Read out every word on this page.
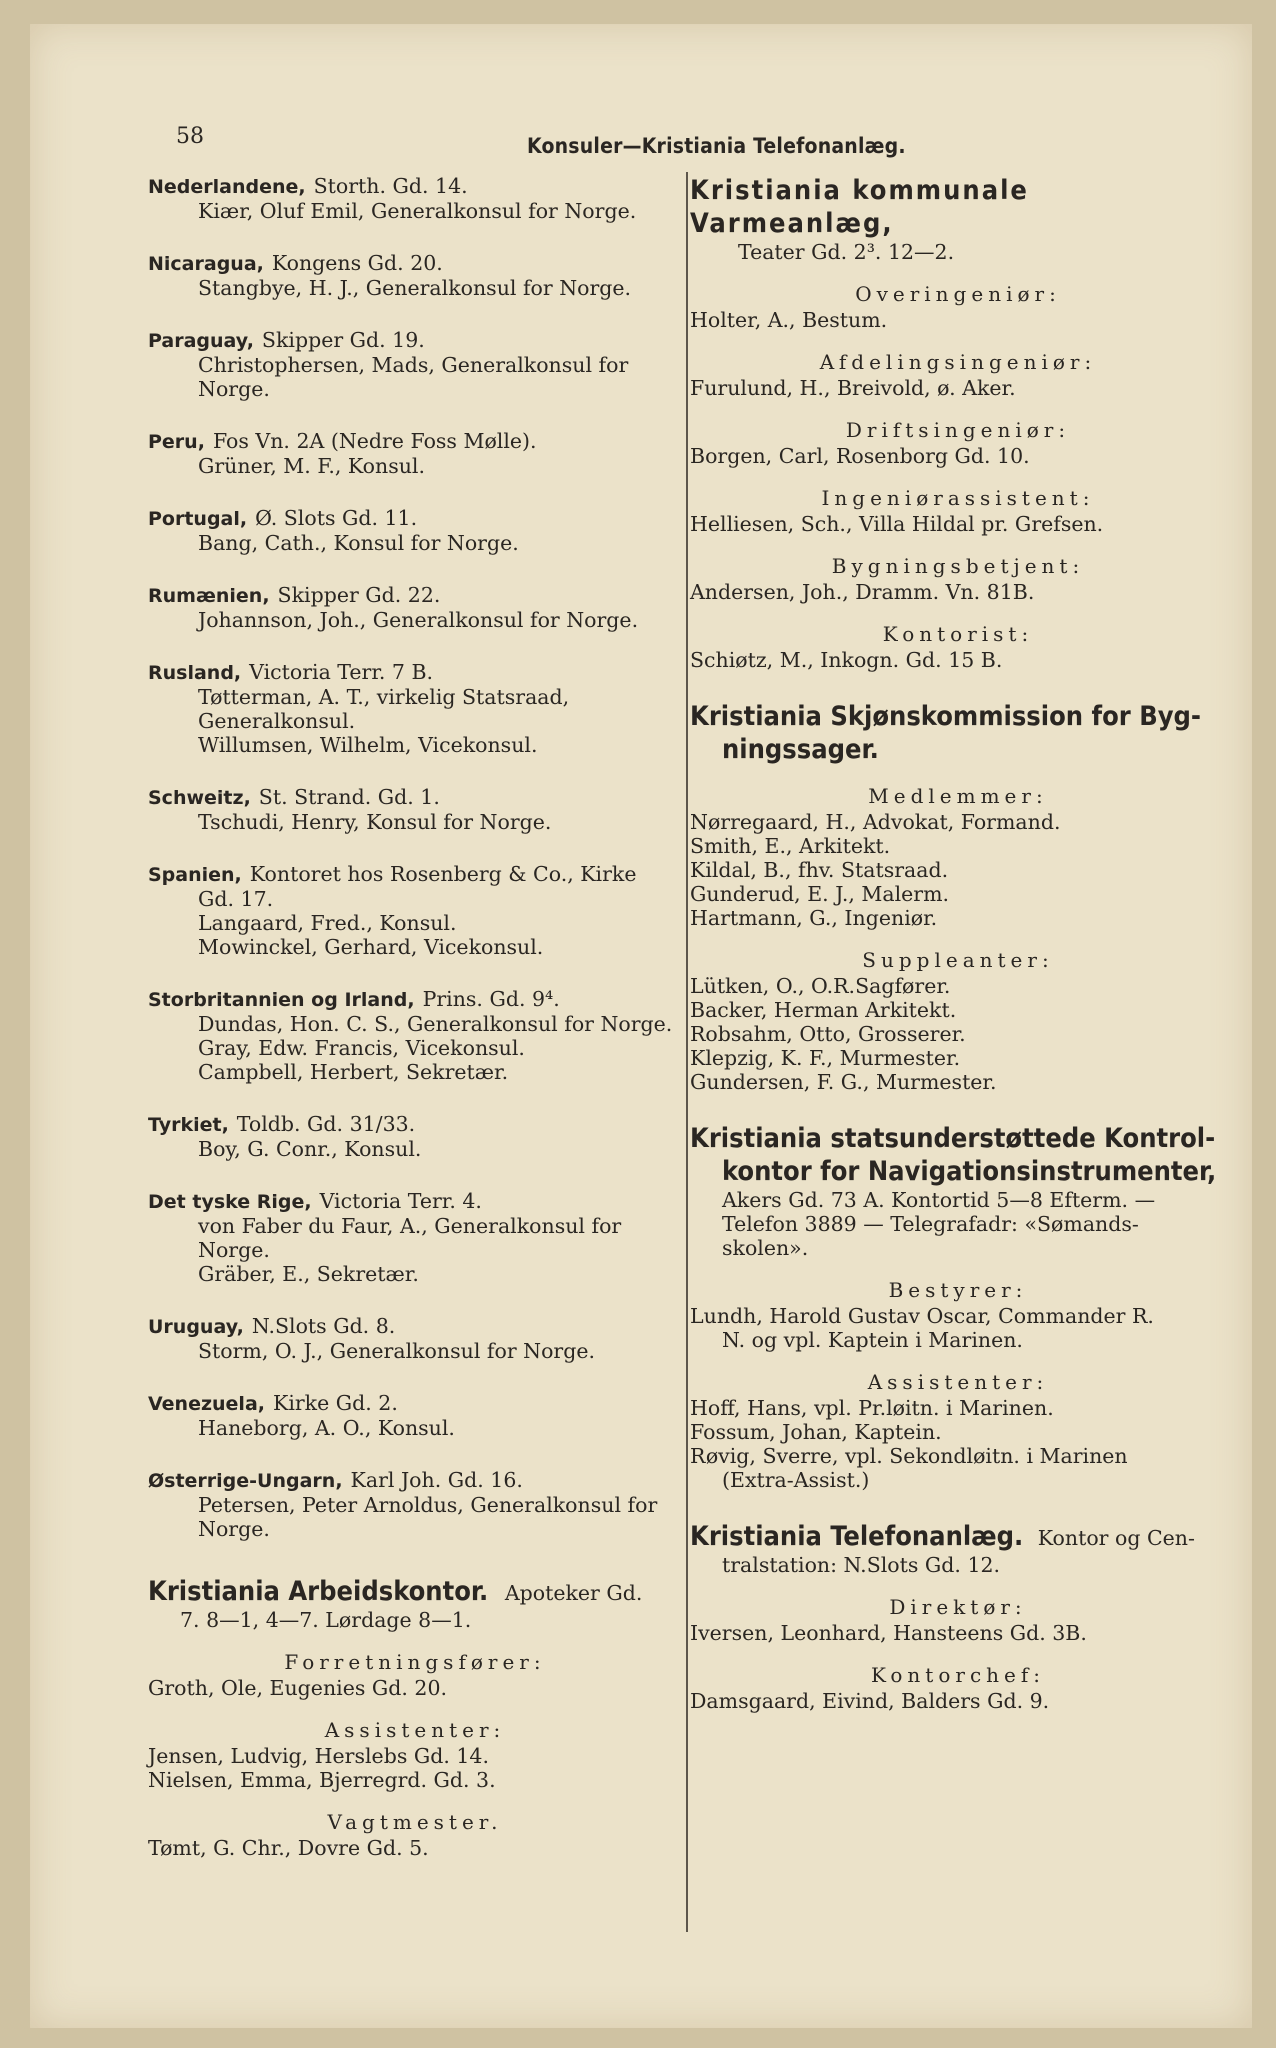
58	Konsuler—Kristiania Telefonanlæg.
Nederlandene, Storth. Gd. 14.
Kiær, Oluf Emil, Generalkonsul for Norge.
Nicaragua, Kongens Gd. 20.
Stangbye, H. J., Generalkonsul for Norge.
Paraguay, Skipper Gd. 19.
Christophersen, Mads, Generalkonsul for
Norge.
Peru, Fos Vn. 2A (Nedre Foss Mølle).
Grüner, M. F., Konsul.
Portugal, Ø. Slots Gd. 11.
Bang, Cath., Konsul for Norge.
Rumænien, Skipper Gd. 22.
Johannson, Joh., Generalkonsul for Norge.
Rusland, Victoria Terr. 7 B.
Tøtterman, A. T., virkelig Statsraad,
Generalkonsul.
Willumsen, Wilhelm, Vicekonsul.
Schweitz, St. Strand. Gd. 1.
Tschudi, Henry, Konsul for Norge.
Spanien, Kontoret hos Rosenberg & Co., Kirke
Gd. 17.
Langaard, Fred., Konsul.
Mowinckel, Gerhard, Vicekonsul.
Storbritannien og Irland, Prins. Gd. 9⁴.
Dundas, Hon. C. S., Generalkonsul for Norge.
Gray, Edw. Francis, Vicekonsul.
Campbell, Herbert, Sekretær.
Tyrkiet, Toldb. Gd. 31/33.
Boy, G. Conr., Konsul.
Det tyske Rige, Victoria Terr. 4.
von Faber du Faur, A., Generalkonsul for
Norge.
Gräber, E., Sekretær.
Uruguay, N.Slots Gd. 8.
Storm, O. J., Generalkonsul for Norge.
Venezuela, Kirke Gd. 2.
Haneborg, A. O., Konsul.
Østerrige-Ungarn, Karl Joh. Gd. 16.
Petersen, Peter Arnoldus, Generalkonsul for
Norge.
Kristiania Arbeidskontor. Apoteker Gd.
7. 8—1, 4—7. Lørdage 8—1.
Forretningsfører:
Groth, Ole, Eugenies Gd. 20.
Assistenter:
Jensen, Ludvig, Herslebs Gd. 14.
Nielsen, Emma, Bjerregrd. Gd. 3.
Vagtmester.
Tømt, G. Chr., Dovre Gd. 5.
Kristiania kommunale Varmeanlæg,
Teater Gd. 2³. 12—2.
Overingeniør:
Holter, A., Bestum.
Afdelingsingeniør:
Furulund, H., Breivold, ø. Aker.
Driftsingeniør:
Borgen, Carl, Rosenborg Gd. 10.
Ingeniørassistent:
Helliesen, Sch., Villa Hildal pr. Grefsen.
Bygningsbetjent:
Andersen, Joh., Dramm. Vn. 81B.
Kontorist:
Schiøtz, M., Inkogn. Gd. 15 B.
Kristiania Skjønskommission for Byg-
ningssager.
Medlemmer:
Nørregaard, H., Advokat, Formand.
Smith, E., Arkitekt.
Kildal, B., fhv. Statsraad.
Gunderud, E. J., Malerm.
Hartmann, G., Ingeniør.
Suppleanter:
Lütken, O., O.R.Sagfører.
Backer, Herman Arkitekt.
Robsahm, Otto, Grosserer.
Klepzig, K. F., Murmester.
Gundersen, F. G., Murmester.
Kristiania statsunderstøttede Kontrol-
kontor for Navigationsinstrumenter,
Akers Gd. 73 A. Kontortid 5—8 Efterm. —
Telefon 3889 — Telegrafadr: «Sømands-
skolen».
Bestyrer:
Lundh, Harold Gustav Oscar, Commander R.
N. og vpl. Kaptein i Marinen.
Assistenter:
Hoff, Hans, vpl. Pr.løitn. i Marinen.
Fossum, Johan, Kaptein.
Røvig, Sverre, vpl. Sekondløitn. i Marinen
(Extra-Assist.)
Kristiania Telefonanlæg. Kontor og Cen-
tralstation: N.Slots Gd. 12.
Direktør:
Iversen, Leonhard, Hansteens Gd. 3B.
Kontorchef:
Damsgaard, Eivind, Balders Gd. 9.
